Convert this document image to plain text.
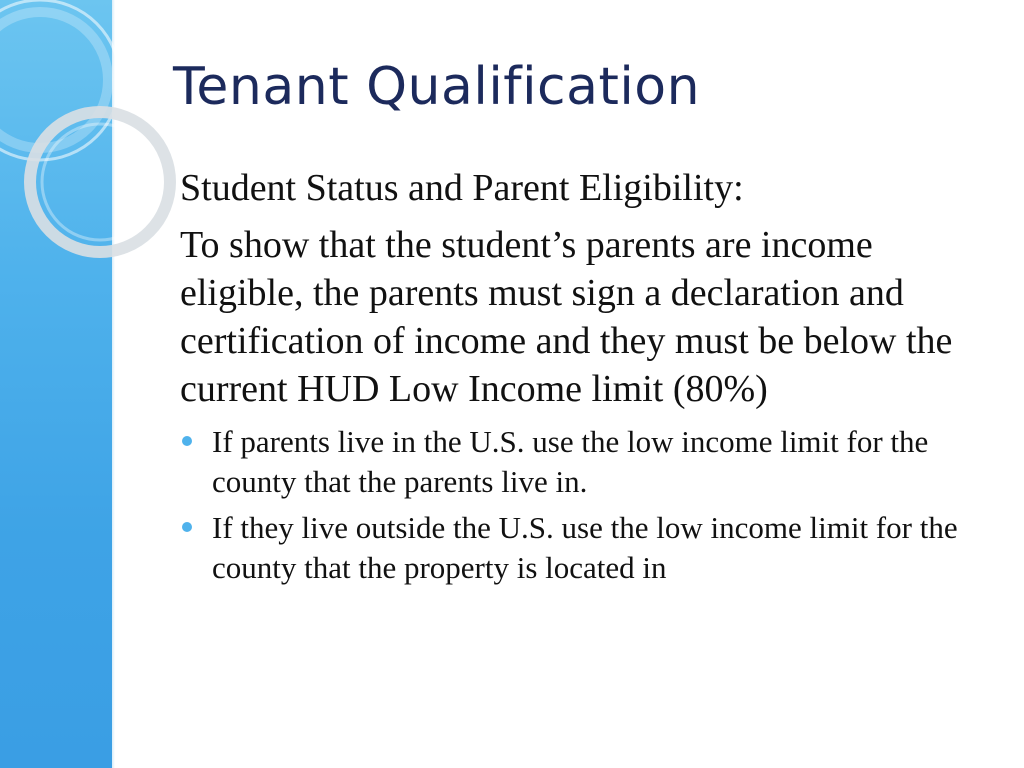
Tenant Qualification

Student Status and Parent Eligibility:

To show that the student’s parents are income eligible, the parents must sign a declaration and certification of income and they must be below the current HUD Low Income limit (80%)

If parents live in the U.S. use the low income limit for the county that the parents live in.
If they live outside the U.S. use the low income limit for the county that the property is located in
